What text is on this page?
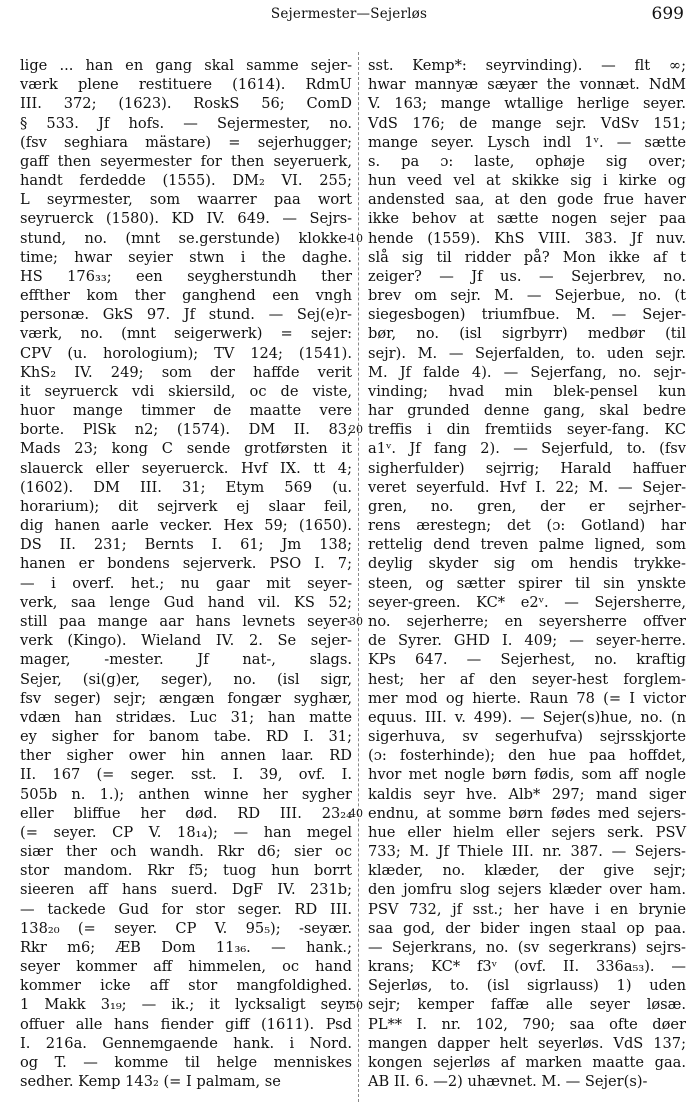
Sejermester—Sejerløs	699
lige ... han en gang skal samme sejer-
værk plene restituere (1614). RdmU
III. 372; (1623). RoskS 56; ComD
§ 533. Jf hofs. — Sejermester, no.
(fsv seghiara mästare) = sejerhugger;
gaff then seyermester for then seyeruerk,
handt ferdedde (1555). DM₂ VI. 255;
L seyrmester, som waarrer paa wort
seyruerck (1580). KD IV. 649. — Sejrs-
stund, no. (mnt se.gerstunde) klokke-
time; hwar seyier stwn i the daghe.
HS 176₃₃; een seygherstundh ther
effther kom ther ganghend een vngh
personæ. GkS 97. Jf stund. — Sej(e)r-
værk, no. (mnt seigerwerk) = sejer:
CPV (u. horologium); TV 124; (1541).
KhS₂ IV. 249; som der haffde verit
it seyruerck vdi skiersild, oc de viste,
huor mange timmer de maatte vere
borte. PlSk n2; (1574). DM II. 83;
Mads 23; kong C sende grotførsten it
slauerck eller seyeruerck. Hvf IX. tt 4;
(1602). DM III. 31; Etym 569 (u.
horarium); dit sejrverk ej slaar feil,
dig hanen aarle vecker. Hex 59; (1650).
DS II. 231; Bernts I. 61; Jm 138;
hanen er bondens sejerverk. PSO I. 7;
— i overf. het.; nu gaar mit seyer-
verk, saa lenge Gud hand vil. KS 52;
still paa mange aar hans levnets seyer-
verk (Kingo). Wieland IV. 2. Se sejer-
mager, -mester. Jf nat-, slags.
Sejer, (si(g)er, seger), no. (isl sigr,
fsv seger) sejr; ængæn fongær syghær,
vdæn han stridæs. Luc 31; han matte
ey sigher for banom tabe. RD I. 31;
ther sigher ower hin annen laar. RD
II. 167 (= seger. sst. I. 39, ovf. I.
505b n. 1.); anthen winne her sygher
eller bliffue her død. RD III. 23₂₄
(= seyer. CP V. 18₁₄); — han megel
siær ther och wandh. Rkr d6; sier oc
stor mandom. Rkr f5; tuog hun borrt
sieeren aff hans suerd. DgF IV. 231b;
— tackede Gud for stor seger. RD III.
138₂₀ (= seyer. CP V. 95₅); -seyær.
Rkr m6; ÆB Dom 11₃₆. — hank.;
seyer kommer aff himmelen, oc hand
kommer icke aff stor mangfoldighed.
1 Makk 3₁₉; — ik.; it lycksaligt seyr
offuer alle hans fiender giff (1611). Psd
I. 216a. Gennemgaende hank. i Nord.
og T. — komme til helge menniskes
sedher. Kemp 143₂ (= I palmam, se
sst. Kemp*: seyrvinding). — flt ∞;
hwar mannyæ sæyær the vonnæt. NdM
V. 163; mange wtallige herlige seyer.
VdS 176; de mange sejr. VdSv 151;
mange seyer. Lysch indl 1ᵛ. — sætte
s. pa ɔ: laste, ophøje sig over;
hun veed vel at skikke sig i kirke og
andensted saa, at den gode frue haver
ikke behov at sætte nogen sejer paa
hende (1559). KhS VIII. 383. Jf nuv.
slå sig til ridder på? Mon ikke af t
zeiger? — Jf us. — Sejerbrev, no.
brev om sejr. M. — Sejerbue, no. (t
siegesbogen) triumfbue. M. — Sejer-
bør, no. (isl sigrbyrr) medbør (til
sejr). M. — Sejerfalden, to. uden sejr.
M. Jf falde 4). — Sejerfang, no. sejr-
vinding; hvad min blek-pensel kun
har grunded denne gang, skal bedre
treffis i din fremtiids seyer-fang. KC
a1ᵛ. Jf fang 2). — Sejerfuld, to. (fsv
sigherfulder) sejrrig; Harald haffuer
veret seyerfuld. Hvf I. 22; M. — Sejer-
gren, no. gren, der er sejrher-
rens ærestegn; det (ɔ: Gotland) har
rettelig dend treven palme ligned, som
deylig skyder sig om hendis trykke-
steen, og sætter spirer til sin ynskte
seyer-green. KC* e2ᵛ. — Sejersherre,
no. sejerherre; en seyersherre offver
de Syrer. GHD I. 409; — seyer-herre.
KPs 647. — Sejerhest, no. kraftig
hest; her af den seyer-hest forglem-
mer mod og hierte. Raun 78 (= I victor
equus. III. v. 499). — Sejer(s)hue, no. (n
sigerhuva, sv segerhufva) sejrsskjorte
(ɔ: fosterhinde); den hue paa hoffdet,
hvor met nogle børn fødis, som aff nogle
kaldis seyr hve. Alb* 297; mand siger
endnu, at somme børn fødes med sejers-
hue eller hielm eller sejers serk. PSV
733; M. Jf Thiele III. nr. 387. — Sejers-
klæder, no. klæder, der give sejr;
den jomfru slog sejers klæder over ham.
PSV 732, jf sst.; her have i en brynie
saa god, der bider ingen staal op paa.
— Sejerkrans, no. (sv segerkrans) sejrs-
krans; KC* f3ᵛ (ovf. II. 336a₅₃). —
Sejerløs, to. (isl sigrlauss) 1) uden
sejr; kemper faffæ alle seyer løsæ.
PL** I. nr. 102, 790; saa ofte døer
mangen dapper helt seyerløs. VdS 137;
kongen sejerløs af marken maatte gaa.
AB II. 6. —2) uhævnet. M. — Sejer(s)-
10
20
30
40
50
